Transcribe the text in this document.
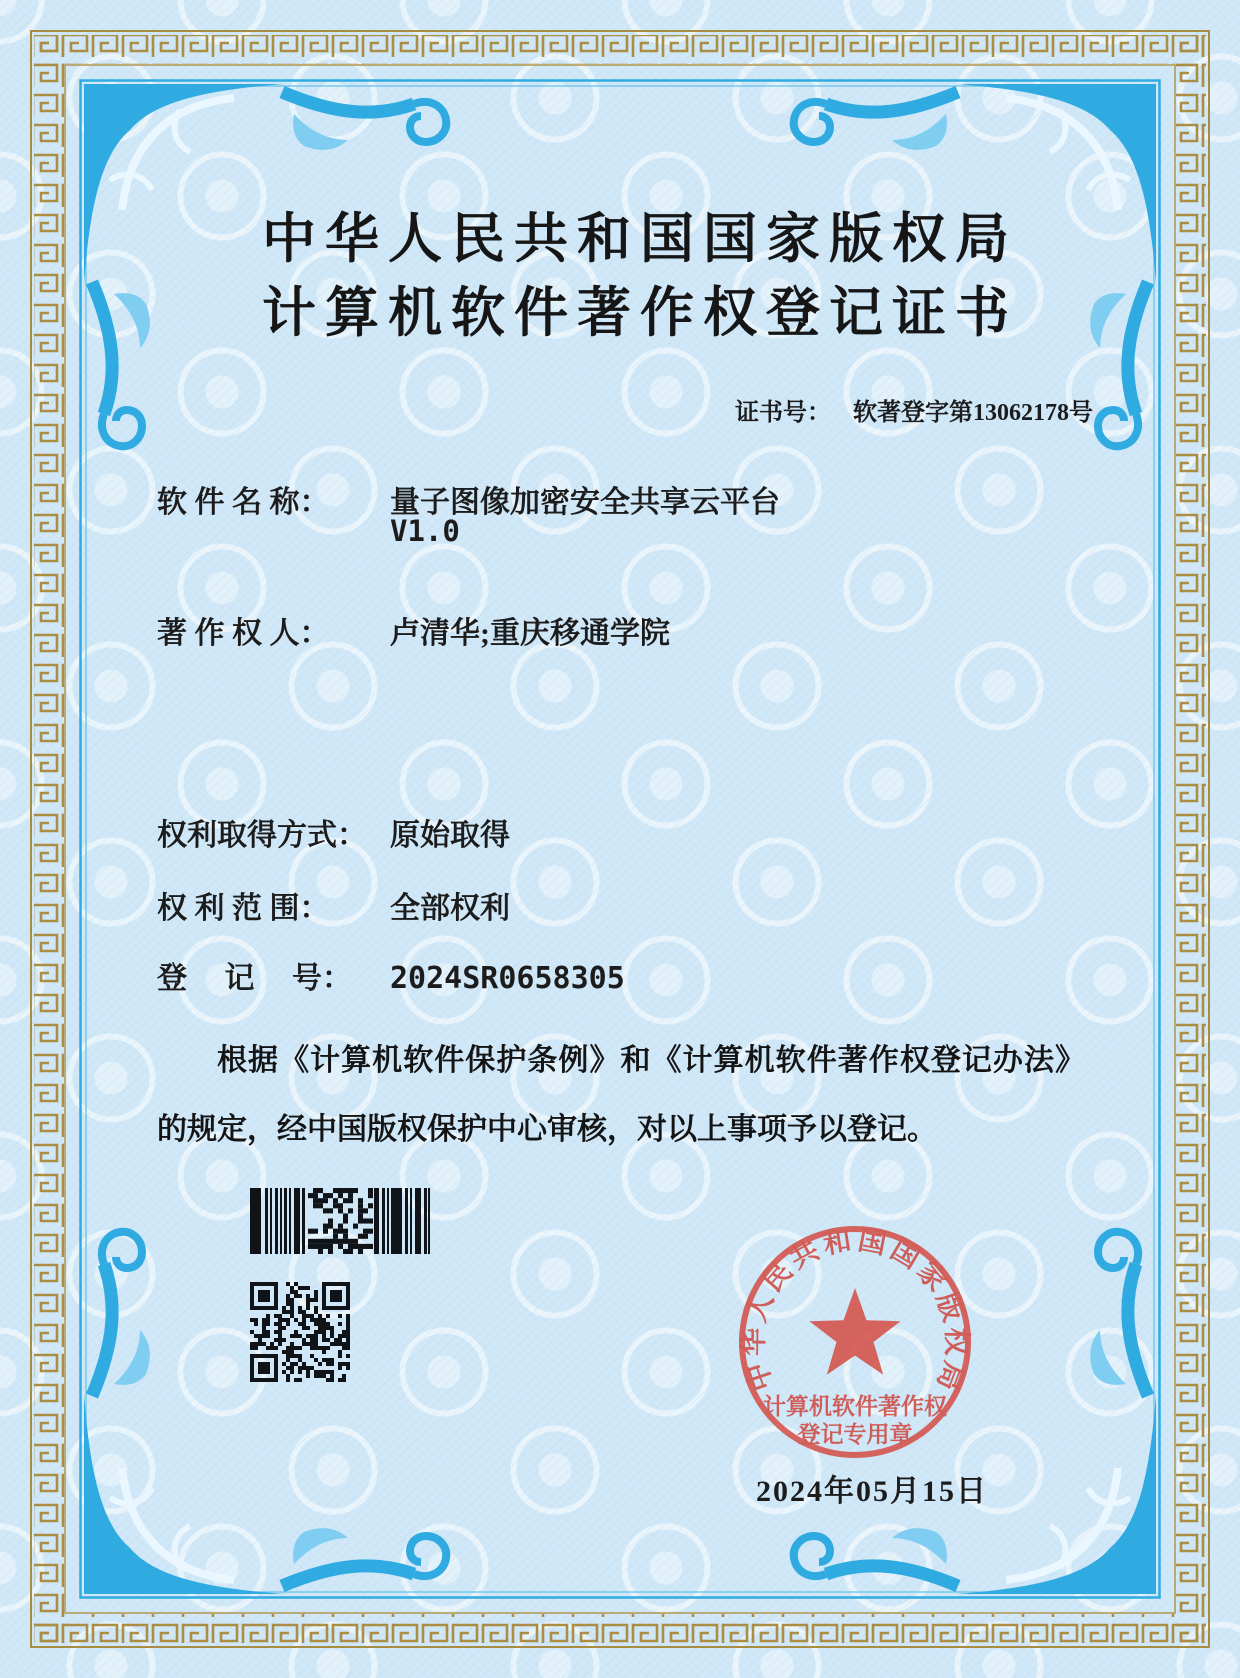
中华人民共和国国家版权局
计算机软件著作权登记证书
证书号： 软著登字第13062178号
软 件 名 称： 量子图像加密安全共享云平台
V1.0
著 作 权 人： 卢清华;重庆移通学院
权利取得方式： 原始取得
权 利 范 围： 全部权利
登　 记　 号： 2024SR0658305
根据《计算机软件保护条例》和《计算机软件著作权登记办法》的规定，经中国版权保护中心审核，对以上事项予以登记。
2024年05月15日
中华人民共和国国家版权局
计算机软件著作权
登记专用章
